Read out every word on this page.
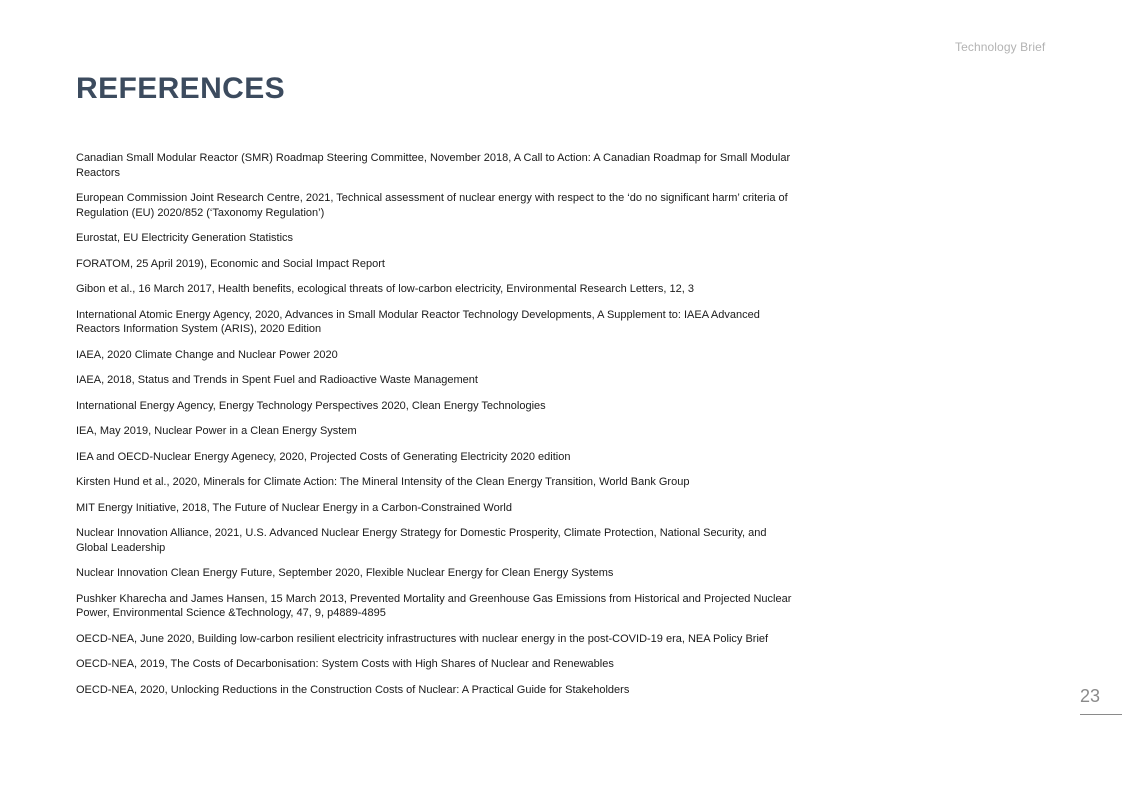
Technology Brief
REFERENCES
Canadian Small Modular Reactor (SMR) Roadmap Steering Committee, November 2018, A Call to Action: A Canadian Roadmap for Small Modular Reactors
European Commission Joint Research Centre, 2021, Technical assessment of nuclear energy with respect to the ‘do no significant harm’ criteria of Regulation (EU) 2020/852 (‘Taxonomy Regulation’)
Eurostat, EU Electricity Generation Statistics
FORATOM, 25 April 2019), Economic and Social Impact Report
Gibon et al., 16 March 2017, Health benefits, ecological threats of low-carbon electricity, Environmental Research Letters, 12, 3
International Atomic Energy Agency, 2020, Advances in Small Modular Reactor Technology Developments, A Supplement to: IAEA Advanced Reactors Information System (ARIS), 2020 Edition
IAEA, 2020 Climate Change and Nuclear Power 2020
IAEA, 2018, Status and Trends in Spent Fuel and Radioactive Waste Management
International Energy Agency, Energy Technology Perspectives 2020, Clean Energy Technologies
IEA, May 2019, Nuclear Power in a Clean Energy System
IEA and OECD-Nuclear Energy Agenecy, 2020, Projected Costs of Generating Electricity 2020 edition
Kirsten Hund et al., 2020, Minerals for Climate Action: The Mineral Intensity of the Clean Energy Transition, World Bank Group
MIT Energy Initiative, 2018, The Future of Nuclear Energy in a Carbon-Constrained World
Nuclear Innovation Alliance, 2021, U.S. Advanced Nuclear Energy Strategy for Domestic Prosperity, Climate Protection, National Security, and Global Leadership
Nuclear Innovation Clean Energy Future, September 2020, Flexible Nuclear Energy for Clean Energy Systems
Pushker Kharecha and James Hansen, 15 March 2013, Prevented Mortality and Greenhouse Gas Emissions from Historical and Projected Nuclear Power, Environmental Science &Technology, 47, 9, p4889-4895
OECD-NEA, June 2020, Building low-carbon resilient electricity infrastructures with nuclear energy in the post-COVID-19 era, NEA Policy Brief
OECD-NEA, 2019, The Costs of Decarbonisation: System Costs with High Shares of Nuclear and Renewables
OECD-NEA, 2020, Unlocking Reductions in the Construction Costs of Nuclear: A Practical Guide for Stakeholders	23
